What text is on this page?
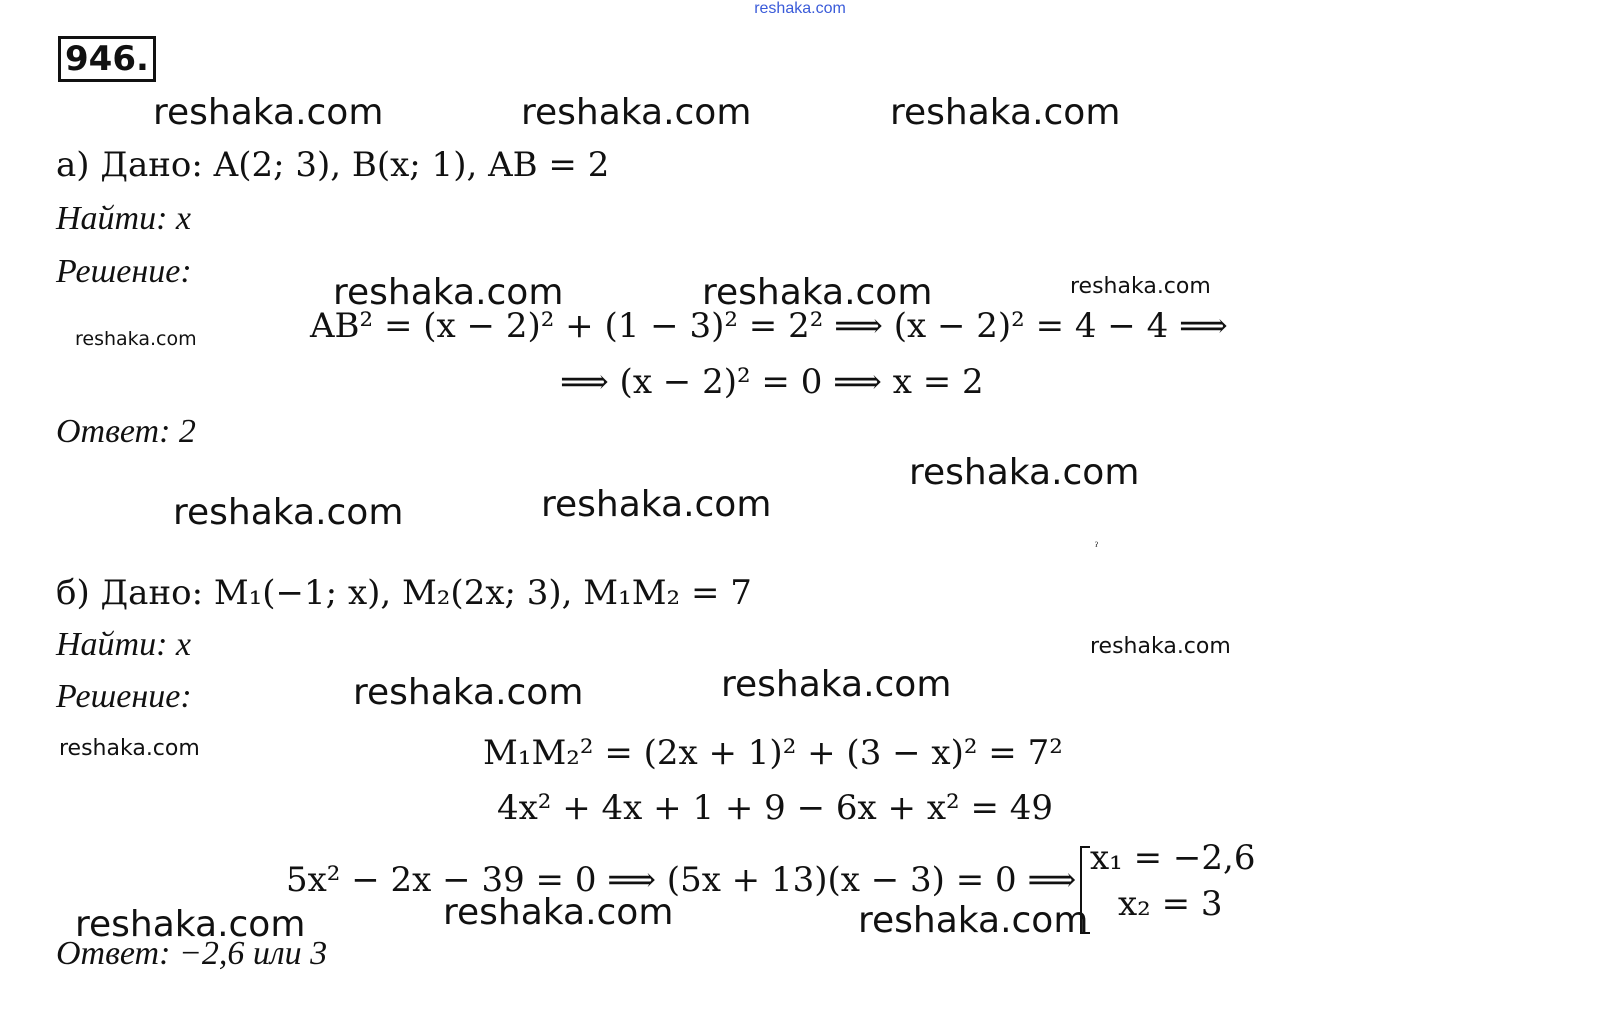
reshaka.com
946.
reshaka.com	reshaka.com	reshaka.com
reshaka.com	reshaka.com	reshaka.com
reshaka.com
reshaka.com
reshaka.com
reshaka.com
reshaka.com
reshaka.com
reshaka.com
reshaka.com
reshaka.com
reshaka.com	reshaka.com
а) Дано: A(2; 3), B(x; 1), AB = 2
Найти: x
Решение:
AB² = (x − 2)² + (1 − 3)² = 2² ⟹ (x − 2)² = 4 − 4 ⟹
⟹ (x − 2)² = 0 ⟹ x = 2
Ответ: 2
ˀ
б) Дано: M₁(−1; x), M₂(2x; 3), M₁M₂ = 7
Найти: x
Решение:
M₁M₂² = (2x + 1)² + (3 − x)² = 7²
4x² + 4x + 1 + 9 − 6x + x² = 49
5x² − 2x − 39 = 0 ⟹ (5x + 13)(x − 3) = 0 ⟹
x₁ = −2,6
x₂ = 3
Ответ: −2,6 или 3
